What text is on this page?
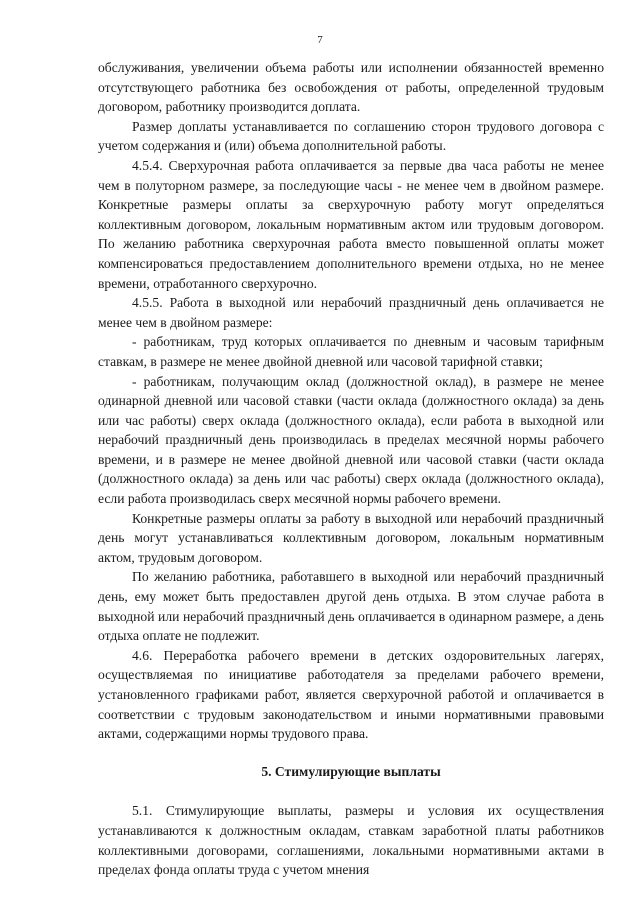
7

обслуживания, увеличении объема работы или исполнении обязанностей временно отсутствующего работника без освобождения от работы, определенной трудовым договором, работнику производится доплата.

Размер доплаты устанавливается по соглашению сторон трудового договора с учетом содержания и (или) объема дополнительной работы.

4.5.4. Сверхурочная работа оплачивается за первые два часа работы не менее чем в полуторном размере, за последующие часы - не менее чем в двойном размере. Конкретные размеры оплаты за сверхурочную работу могут определяться коллективным договором, локальным нормативным актом или трудовым договором. По желанию работника сверхурочная работа вместо повышенной оплаты может компенсироваться предоставлением дополнительного времени отдыха, но не менее времени, отработанного сверхурочно.

4.5.5. Работа в выходной или нерабочий праздничный день оплачивается не менее чем в двойном размере:

- работникам, труд которых оплачивается по дневным и часовым тарифным ставкам, в размере не менее двойной дневной или часовой тарифной ставки;

- работникам, получающим оклад (должностной оклад), в размере не менее одинарной дневной или часовой ставки (части оклада (должностного оклада) за день или час работы) сверх оклада (должностного оклада), если работа в выходной или нерабочий праздничный день производилась в пределах месячной нормы рабочего времени, и в размере не менее двойной дневной или часовой ставки (части оклада (должностного оклада) за день или час работы) сверх оклада (должностного оклада), если работа производилась сверх месячной нормы рабочего времени.

Конкретные размеры оплаты за работу в выходной или нерабочий праздничный день могут устанавливаться коллективным договором, локальным нормативным актом, трудовым договором.

По желанию работника, работавшего в выходной или нерабочий праздничный день, ему может быть предоставлен другой день отдыха. В этом случае работа в выходной или нерабочий праздничный день оплачивается в одинарном размере, а день отдыха оплате не подлежит.

4.6. Переработка рабочего времени в детских оздоровительных лагерях, осуществляемая по инициативе работодателя за пределами рабочего времени, установленного графиками работ, является сверхурочной работой и оплачивается в соответствии с трудовым законодательством и иными нормативными правовыми актами, содержащими нормы трудового права.

5. Стимулирующие выплаты

5.1. Стимулирующие выплаты, размеры и условия их осуществления устанавливаются к должностным окладам, ставкам заработной платы работников коллективными договорами, соглашениями, локальными нормативными актами в пределах фонда оплаты труда с учетом мнения
